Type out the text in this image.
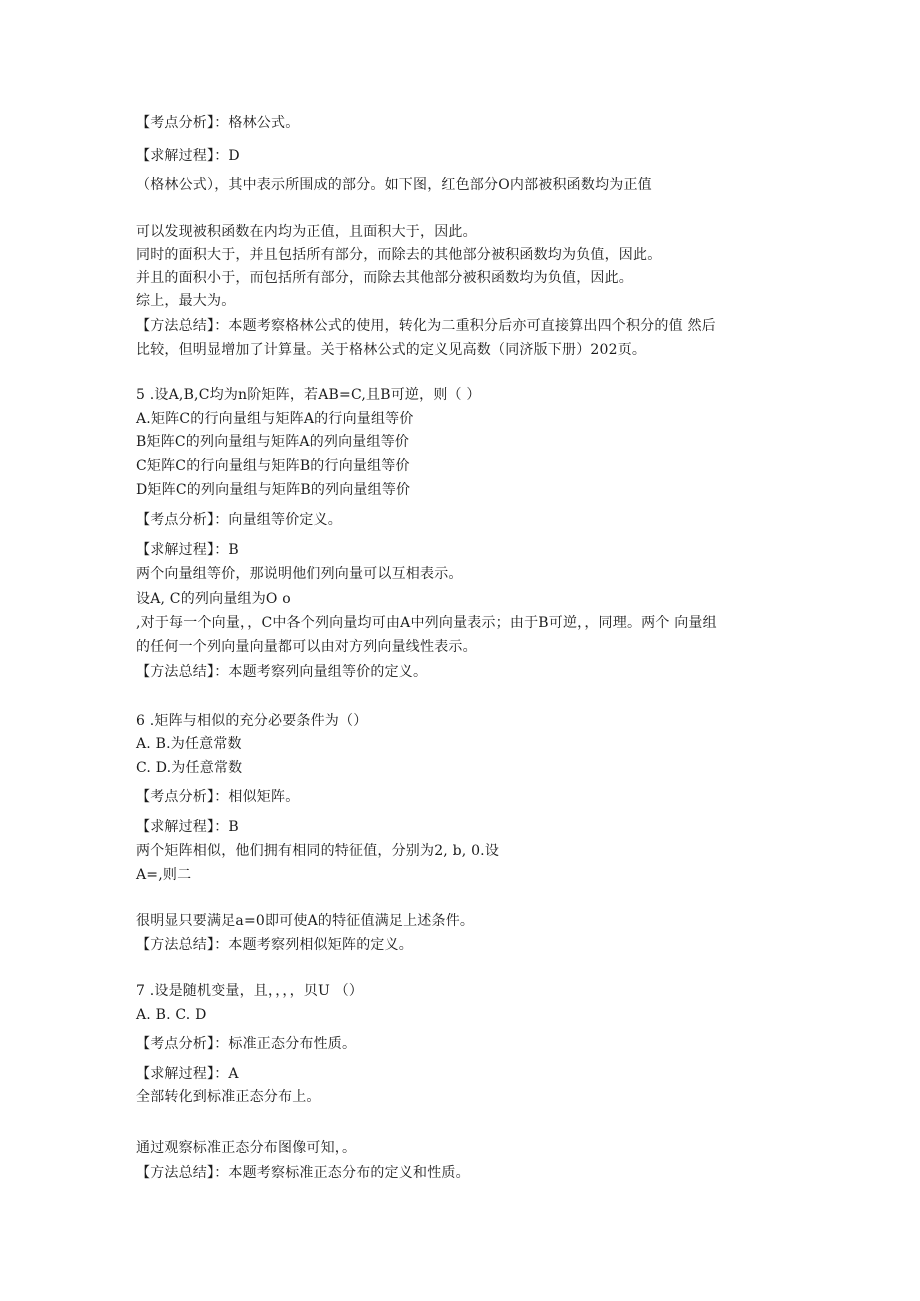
【考点分析】：格林公式。
【求解过程】：D
（格林公式），其中表示所围成的部分。如下图，红色部分O内部被积函数均为正值
可以发现被积函数在内均为正值，且面积大于，因此。
同时的面积大于，并且包括所有部分，而除去的其他部分被积函数均为负值，因此。
并且的面积小于，而包括所有部分，而除去其他部分被积函数均为负值，因此。
综上，最大为。
【方法总结】：本题考察格林公式的使用，转化为二重积分后亦可直接算出四个积分的值 然后
比较，但明显增加了计算量。关于格林公式的定义见高数（同济版下册）202页。
5 .设A,B,C均为n阶矩阵，若AB=C,且B可逆，则（ ）
A.矩阵C的行向量组与矩阵A的行向量组等价
B矩阵C的列向量组与矩阵A的列向量组等价
C矩阵C的行向量组与矩阵B的行向量组等价
D矩阵C的列向量组与矩阵B的列向量组等价
【考点分析】：向量组等价定义。
【求解过程】：B
两个向量组等价，那说明他们列向量可以互相表示。
设A, C的列向量组为O o
,对于每一个向量，，C中各个列向量均可由A中列向量表示；由于B可逆，，同理。两个 向量组
的任何一个列向量向量都可以由对方列向量线性表示。
【方法总结】：本题考察列向量组等价的定义。
6 .矩阵与相似的充分必要条件为（）
A. B.为任意常数
C. D.为任意常数
【考点分析】：相似矩阵。
【求解过程】：B
两个矩阵相似，他们拥有相同的特征值，分别为2, b, 0.设
A=,则二
很明显只要满足a=0即可使A的特征值满足上述条件。
【方法总结】：本题考察列相似矩阵的定义。
7 .设是随机变量，且，，，，贝U （）
A. B. C. D
【考点分析】：标准正态分布性质。
【求解过程】：A
全部转化到标准正态分布上。
通过观察标准正态分布图像可知，。
【方法总结】：本题考察标准正态分布的定义和性质。
